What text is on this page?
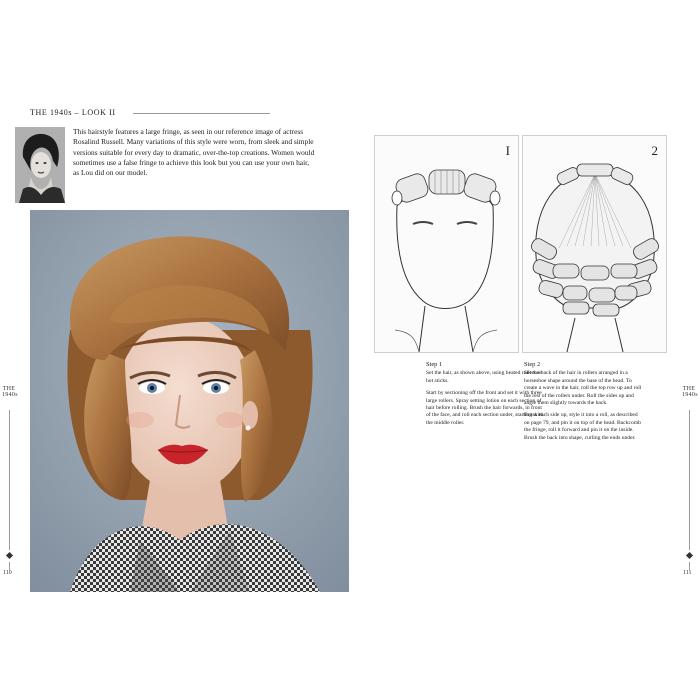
THE 1940s – LOOK II
This hairstyle features a large fringe, as seen in our reference image of actress Rosalind Russell. Many variations of this style were worn, from sleek and simple versions suitable for every day to dramatic, over-the-top creations. Women would sometimes use a false fringe to achieve this look but you can use your own hair, as Lou did on our model.
THE
1940s
110
THE
1940s
111
I	2
Step 1

Set the hair, as shown above, using heated rollers or hot sticks.

Start by sectioning off the front and set it with three large rollers. Spray setting lotion on each section of hair before rolling. Brush the hair forwards, in front of the face, and roll each section under, starting with the middle roller.

Step 2

Set the back of the hair in rollers arranged in a horseshoe shape around the base of the head. To create a wave in the hair, roll the top row up and roll the rest of the rollers under. Roll the sides up and angle them slightly towards the back.

Brush each side up, style it into a roll, as described on page 79, and pin it on top of the head. Backcomb the fringe, roll it forward and pin it on the inside. Brush the back into shape, curling the ends under.
